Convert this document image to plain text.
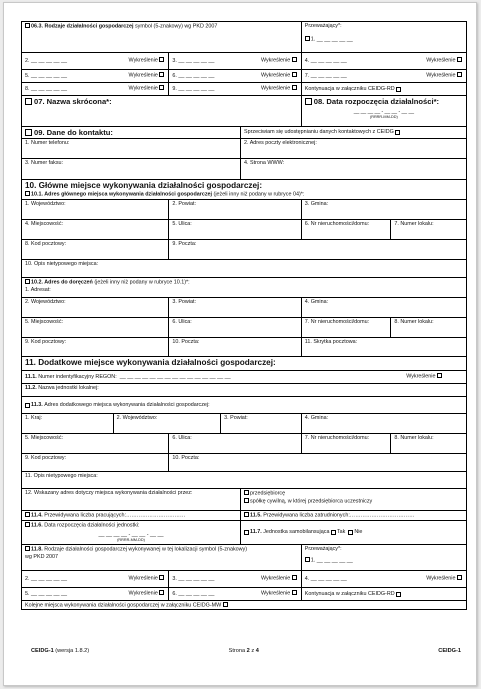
06.3. Rodzaje działalności gospodarczej symbol (5-znakowy) wg PKD 2007	Przeważający*:
1. __ __ __ __ __
2. __ __ __ __ __	Wykreślenie	3. __ __ __ __ __	Wykreślenie	4. __ __ __ __ __	Wykreślenie
5. __ __ __ __ __	Wykreślenie	6. __ __ __ __ __	Wykreślenie	7. __ __ __ __ __	Wykreślenie
8. __ __ __ __ __	Wykreślenie	9. __ __ __ __ __	Wykreślenie	Kontynuacja w załączniku CEIDG-RD

07. Nazwa skrócona*:	08. Data rozpoczęcia działalności*:
__ __ __ __ - __ __ - __ __
(RRRR-MM-DD)
09. Dane do kontaktu:	Sprzeciwiam się udostępnianiu danych kontaktowych z CEIDG

1. Numer telefonu:	2. Adres poczty elektronicznej:
3. Numer faksu:	4. Strona WWW:
10. Główne miejsce wykonywania działalności gospodarczej:
10.1. Adres głównego miejsca wykonywania działalności gospodarczej (jeżeli inny niż podany w rubryce 04)*:
1. Województwo:	2. Powiat:	3. Gmina:
4. Miejscowość:	5. Ulica:	6. Nr nieruchomości/domu:	7. Numer lokalu:
8. Kod pocztowy:	9. Poczta:
10. Opis nietypowego miejsca:
10.2. Adres do doręczeń (jeżeli inny niż podany w rubryce 10.1)*:
1. Adresat:
2. Województwo:	3. Powiat:	4. Gmina:
5. Miejscowość:	6. Ulica:	7. Nr nieruchomości/domu:	8. Numer lokalu:
9. Kod pocztowy:	10. Poczta:	11. Skrytka pocztowa:
11. Dodatkowe miejsce wykonywania działalności gospodarczej:
11.1. Numer indentyfikacyjny REGON: __ __ __ __ __ __ __ __ __ __ __ __ __ __ __	Wykreślenie
11.2. Nazwa jednostki lokalnej:
11.3.
Adres dodatkowego miejsca wykonywania działalności gospodarczej:
1. Kraj:	2. Województwo:	3. Powiat:	4. Gmina:
5. Miejscowość:	6. Ulica:	7. Nr nieruchomości/domu:	8. Numer lokalu:
9. Kod pocztowy:	10. Poczta:
11. Opis nietypowego miejsca:
12. Wskazany adres dotyczy miejsca wykonywania działalności przez:	przedsiębiorcę
spółkę cywilną, w której przedsiębiorca uczestniczy
11.4. Przewidywana liczba pracujących:……………………………	11.5. Przewidywana liczba zatrudnionych:………………………………
11.6. Data rozpoczęcia działalności jednostki:
__ __ __ __ - __ __ - __ __
(RRRR-MM-DD)
11.7.
Jednostka samobilansująca
Tak
Nie
11.8. Rodzaje działalności gospodarczej wykonywanej w tej lokalizacji symbol (5-znakowy)
wg PKD 2007
Przeważający*:
1. __ __ __ __ __
2. __ __ __ __ __	Wykreślenie	3. __ __ __ __ __	Wykreślenie	4. __ __ __ __ __	Wykreślenie
5. __ __ __ __ __	Wykreślenie	6. __ __ __ __ __	Wykreślenie	Kontynuacja w załączniku CEIDG-RD

Kolejne miejsca wykonywania działalności gospodarczej w załączniku CEIDG-MW
CEIDG-1 (wersja 1.8.2)	Strona 2 z 4	CEIDG-1
